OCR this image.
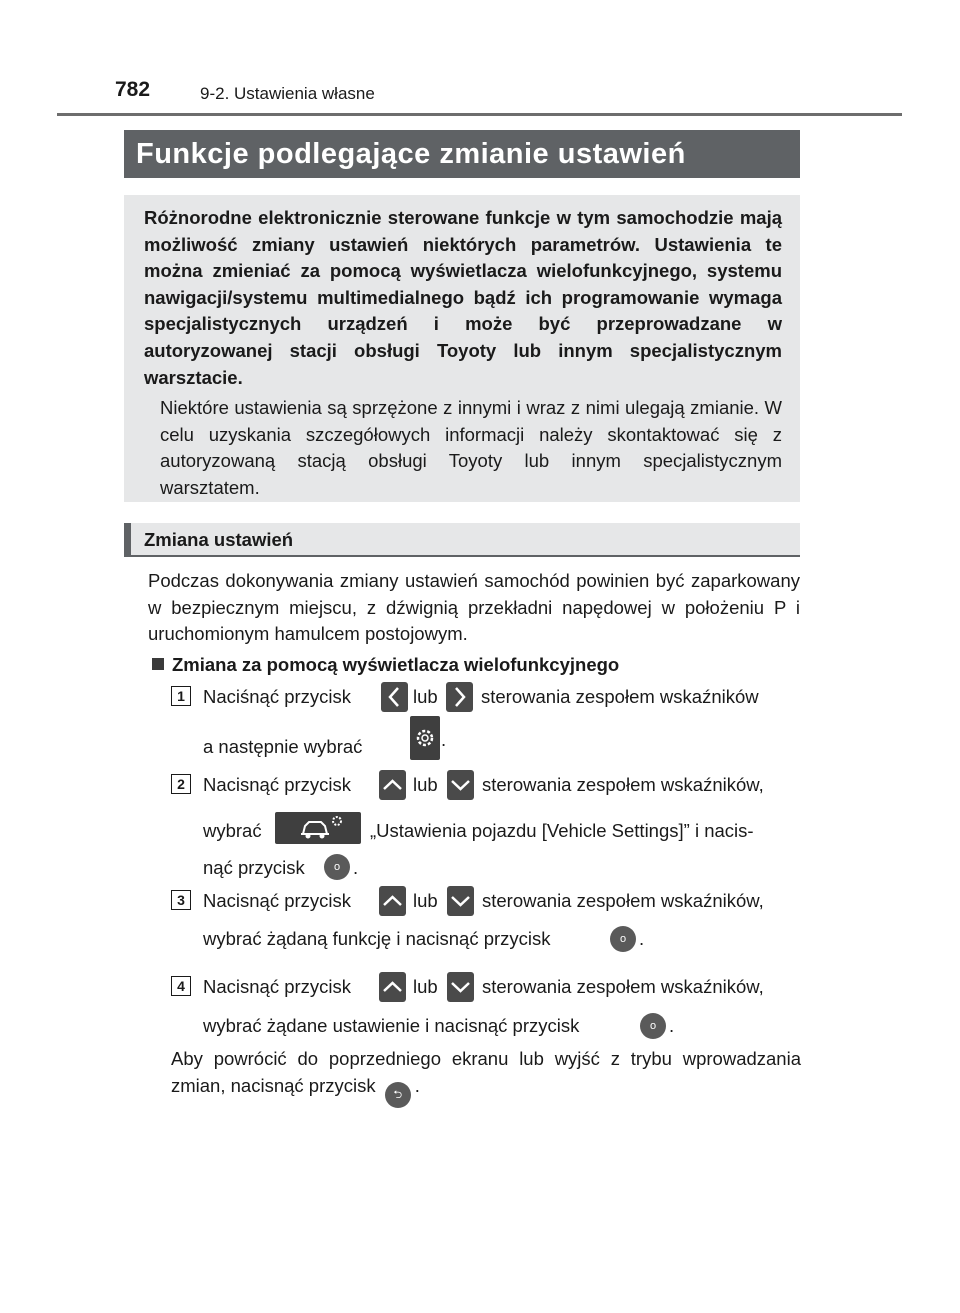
782	9-2. Ustawienia własne
Funkcje podlegające zmianie ustawień

Różnorodne elektronicznie sterowane funkcje w tym samochodzie mają możliwość zmiany ustawień niektórych parametrów. Ustawienia te można zmieniać za pomocą wyświetlacza wielofunkcyjnego, systemu nawigacji/systemu multimedialnego bądź ich programowanie wymaga specjalistycznych urządzeń i może być przeprowadzane w autoryzowanej stacji obsługi Toyoty lub innym specjalistycznym warsztacie.

Niektóre ustawienia są sprzężone z innymi i wraz z nimi ulegają zmianie. W celu uzyskania szczegółowych informacji należy skontaktować się z autoryzowaną stacją obsługi Toyoty lub innym specjalistycznym warsztatem.

Zmiana ustawień

Podczas dokonywania zmiany ustawień samochód powinien być zaparkowany w bezpiecznym miejscu, z dźwignią przekładni napędowej w położeniu P i uruchomionym hamulcem postojowym.

Zmiana za pomocą wyświetlacza wielofunkcyjnego
1 Naciśnąć przycisk	lub sterowania zespołem wskaźników
a następnie wybrać	.
2 Nacisnąć przycisk	lub sterowania zespołem wskaźników,
wybrać	„Ustawienia pojazdu [Vehicle Settings]” i nacis-
nąć przycisk	o .
3 Nacisnąć przycisk	lub sterowania zespołem wskaźników,
wybrać żądaną funkcję i nacisnąć przycisk	o .
4 Nacisnąć przycisk	lub sterowania zespołem wskaźników,
wybrać żądane ustawienie i nacisnąć przycisk	o .

Aby powrócić do poprzedniego ekranu lub wyjść z trybu wprowadzania zmian, nacisnąć przycisk ⮌ .
